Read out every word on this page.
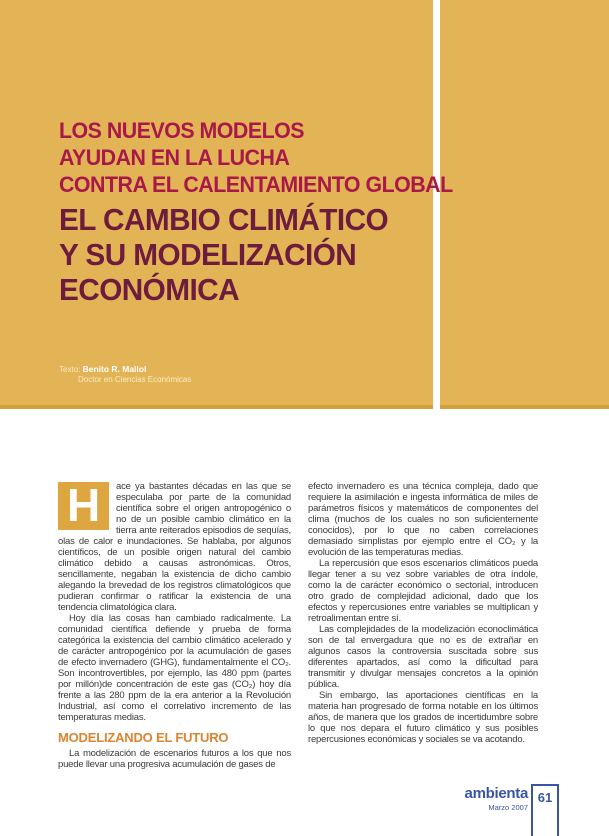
LOS NUEVOS MODELOS
AYUDAN EN LA LUCHA
CONTRA EL CALENTAMIENTO GLOBAL
EL CAMBIO CLIMÁTICO
Y SU MODELIZACIÓN
ECONÓMICA
Texto: Benito R. Mallol
Doctor en Ciencias Económicas

H	ace ya bastantes décadas en las que se especulaba por parte de la comunidad científica sobre el origen antropogénico o no de un posible cambio climático en la tierra ante reiterados episodios de sequías, olas de calor e inundaciones. Se hablaba, por algunos científicos, de un posible origen natural del cambio climático debido a causas astronómicas. Otros, sencillamente, negaban la existencia de dicho cambio alegando la brevedad de los registros climatológicos que pudieran confirmar o ratificar la existencia de una tendencia climatológica clara.

Hoy día las cosas han cambiado radicalmente. La comunidad científica defiende y prueba de forma categórica la existencia del cambio climático acelerado y de carácter antropogénico por la acumulación de gases de efecto invernadero (GHG), fundamentalmente el CO₂. Son incontrovertibles, por ejemplo, las 480 ppm (partes por millón)de concentración de este gas (CO₂) hoy día frente a las 280 ppm de la era anterior a la Revolución Industrial, así como el correlativo incremento de las temperaturas medias.

MODELIZANDO EL FUTURO

La modelización de escenarios futuros a los que nos puede llevar una progresiva acumulación de gases de

efecto invernadero es una técnica compleja, dado que requiere la asimilación e ingesta informática de miles de parámetros físicos y matemáticos de componentes del clima (muchos de los cuales no son suficientemente conocidos), por lo que no caben correlaciones demasiado simplistas por ejemplo entre el CO₂ y la evolución de las temperaturas medias.

La repercusión que esos escenarios climáticos pueda llegar tener a su vez sobre variables de otra índole, como la de carácter económico o sectorial, introducen otro grado de complejidad adicional, dado que los efectos y repercusiones entre variables se multiplican y retroalimentan entre sí.

Las complejidades de la modelización econoclimática son de tal envergadura que no es de extrañar en algunos casos la controversia suscitada sobre sus diferentes apartados, así como la dificultad para transmitir y divulgar mensajes concretos a la opinión pública.

Sin embargo, las aportaciones científicas en la materia han progresado de forma notable en los últimos años, de manera que los grados de incertidumbre sobre lo que nos depara el futuro climático y sus posibles repercusiones económicas y sociales se va acotando.

ambienta
Marzo 2007
61
